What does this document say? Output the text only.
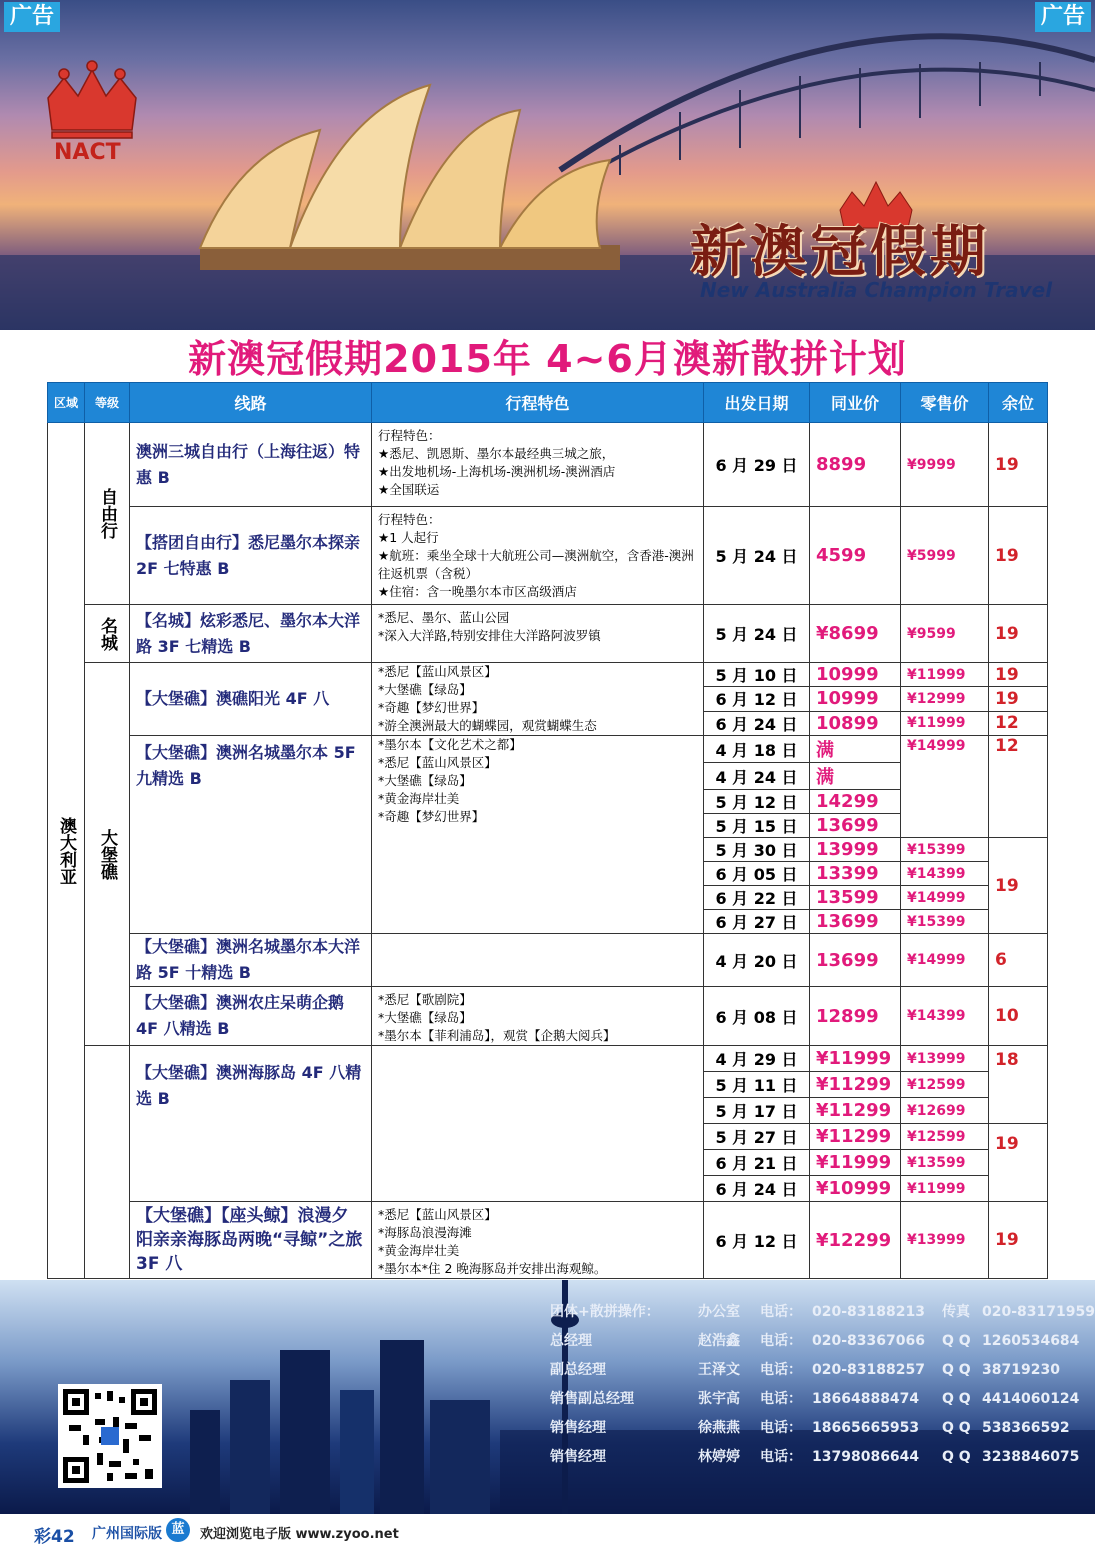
广告	广告
NACT
新澳冠假期
New Australia Champion Travel
新澳冠假期2015年 4~6月澳新散拼计划
区域	等级	线路	行程特色	出发日期	同业价	零售价	余位
澳大利亚	自由行	澳洲三城自由行（上海往返）特惠 B	行程特色：
★悉尼、凯恩斯、墨尔本最经典三城之旅，
★出发地机场-上海机场-澳洲机场-澳洲酒店
★全国联运	6 月 29 日	8899	¥9999	19
		【搭团自由行】悉尼墨尔本探亲 2F 七特惠 B	行程特色：
★1 人起行
★航班：乘坐全球十大航班公司—澳洲航空，含香港-澳洲往返机票（含税）
★住宿：含一晚墨尔本市区高级酒店	5 月 24 日	4599	¥5999	19
	名城	【名城】炫彩悉尼、墨尔本大洋路 3F 七精选 B	*悉尼、墨尔、蓝山公园
*深入大洋路,特别安排住大洋路阿波罗镇	5 月 24 日	¥8699	¥9599	19
	大堡礁	【大堡礁】澳礁阳光 4F 八	*悉尼【蓝山风景区】
*大堡礁【绿岛】
*奇趣【梦幻世界】
*游全澳洲最大的蝴蝶园，观赏蝴蝶生态	5 月 10 日	10999	¥11999	19
				6 月 12 日	10999	¥12999	19
				6 月 24 日	10899	¥11999	12
		【大堡礁】澳洲名城墨尔本 5F 九精选 B	*墨尔本【文化艺术之都】
*悉尼【蓝山风景区】
*大堡礁【绿岛】
*黄金海岸壮美
*奇趣【梦幻世界】	4 月 18 日	满	¥14999	12
				4 月 24 日	满		
				5 月 12 日	14299		
				5 月 15 日	13699		
				5 月 30 日	13999	¥15399	19
				6 月 05 日	13399	¥14399	
				6 月 22 日	13599	¥14999	
				6 月 27 日	13699	¥15399	
		【大堡礁】澳洲名城墨尔本大洋路 5F 十精选 B		4 月 20 日	13699	¥14999	6
		【大堡礁】澳洲农庄呆萌企鹅 4F 八精选 B	*悉尼【歌剧院】
*大堡礁【绿岛】
*墨尔本【菲利浦岛】，观赏【企鹅大阅兵】	6 月 08 日	12899	¥14399	10
		【大堡礁】澳洲海豚岛 4F 八精选 B		4 月 29 日	¥11999	¥13999	18
				5 月 11 日	¥11299	¥12599	
				5 月 17 日	¥11299	¥12699	
				5 月 27 日	¥11299	¥12599	19
				6 月 21 日	¥11999	¥13599	
				6 月 24 日	¥10999	¥11999	
		【大堡礁】【座头鲸】浪漫夕阳亲亲海豚岛两晚“寻鲸”之旅 3F 八	*悉尼【蓝山风景区】
*海豚岛浪漫海滩
*黄金海岸壮美
*墨尔本*住 2 晚海豚岛并安排出海观鲸。	6 月 12 日	¥12299	¥13999	19
团体+散拼操作：	办公室 电话： 020-83188213 传真 020-83171959
总经理	赵浩鑫 电话： 020-83367066 Q Q 1260534684
副总经理	王泽文 电话： 020-83188257 Q Q 38719230
销售副总经理	张宇高 电话： 18664888474 Q Q 4414060124
销售经理	徐燕燕 电话： 18665665953 Q Q 538366592
销售经理	林婷婷 电话： 13798086644 Q Q 3238846075
彩42 广州国际版 蓝	欢迎浏览电子版 www.zyoo.net
